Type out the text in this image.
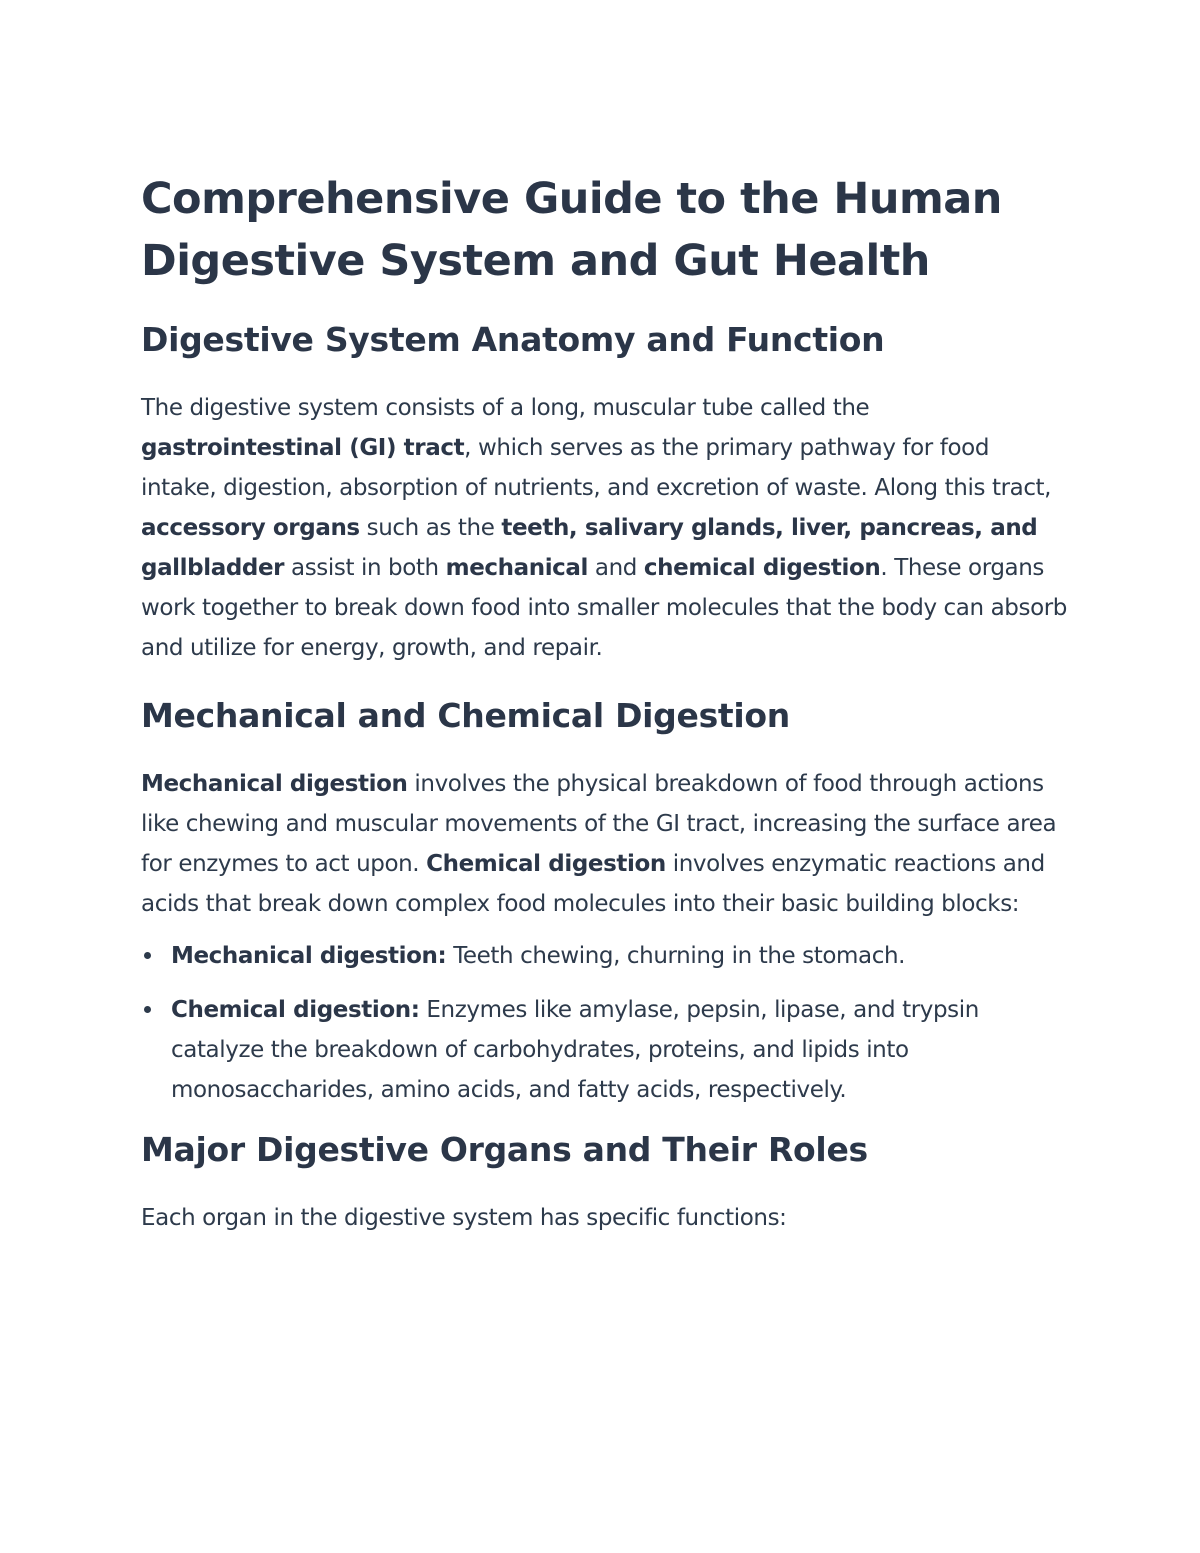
Comprehensive Guide to the Human Digestive System and Gut Health
Digestive System Anatomy and Function

The digestive system consists of a long, muscular tube called the gastrointestinal (GI) tract, which serves as the primary pathway for food intake, digestion, absorption of nutrients, and excretion of waste. Along this tract, accessory organs such as the teeth, salivary glands, liver, pancreas, and gallbladder assist in both mechanical and chemical digestion. These organs work together to break down food into smaller molecules that the body can absorb and utilize for energy, growth, and repair.

Mechanical and Chemical Digestion

Mechanical digestion involves the physical breakdown of food through actions like chewing and muscular movements of the GI tract, increasing the surface area for enzymes to act upon. Chemical digestion involves enzymatic reactions and acids that break down complex food molecules into their basic building blocks:

Mechanical digestion: Teeth chewing, churning in the stomach.
Chemical digestion: Enzymes like amylase, pepsin, lipase, and trypsin catalyze the breakdown of carbohydrates, proteins, and lipids into monosaccharides, amino acids, and fatty acids, respectively.
Major Digestive Organs and Their Roles

Each organ in the digestive system has specific functions:
